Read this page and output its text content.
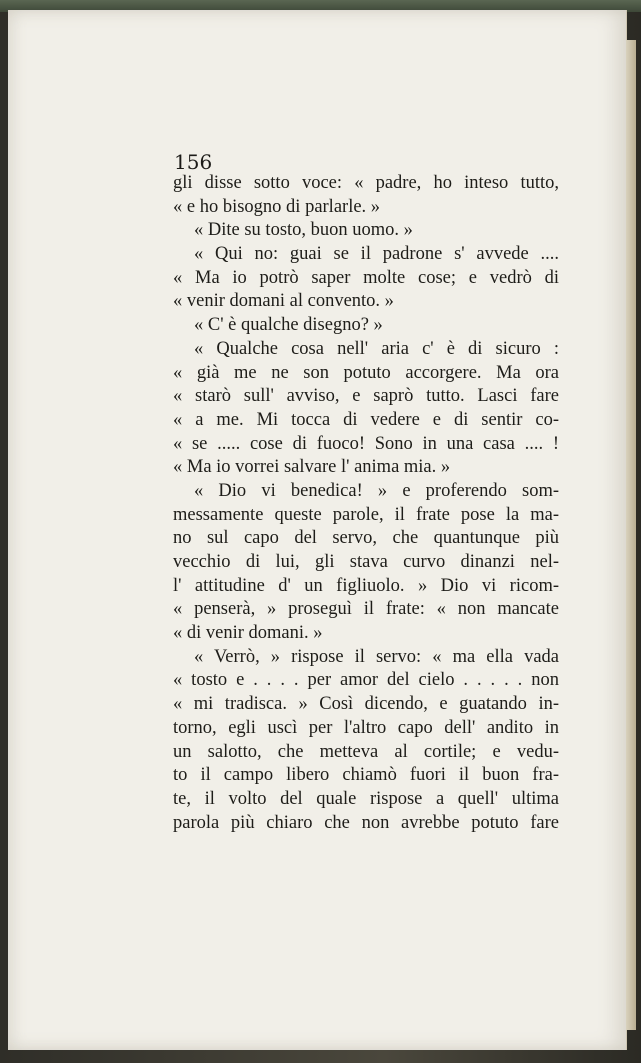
156

gli disse sotto voce: « padre, ho inteso tutto,
« e ho bisogno di parlarle. »
« Dite su tosto, buon uomo. »
« Qui no: guai se il padrone s' avvede ....
« Ma io potrò saper molte cose; e vedrò di
« venir domani al convento. »
« C' è qualche disegno? »
« Qualche cosa nell' aria c' è di sicuro :
« già me ne son potuto accorgere. Ma ora
« starò sull' avviso, e saprò tutto. Lasci fare
« a me. Mi tocca di vedere e di sentir co-
« se ..... cose di fuoco! Sono in una casa .... !
« Ma io vorrei salvare l' anima mia. »
« Dio vi benedica! » e proferendo som-
messamente queste parole, il frate pose la ma-
no sul capo del servo, che quantunque più
vecchio di lui, gli stava curvo dinanzi nel-
l' attitudine d' un figliuolo. » Dio vi ricom-
« penserà, » proseguì il frate: « non mancate
« di venir domani. »
« Verrò, » rispose il servo: « ma ella vada
« tosto e . . . . per amor del cielo . . . . . non
« mi tradisca. » Così dicendo, e guatando in-
torno, egli uscì per l'altro capo dell' andito in
un salotto, che metteva al cortile; e vedu-
to il campo libero chiamò fuori il buon fra-
te, il volto del quale rispose a quell' ultima
parola più chiaro che non avrebbe potuto fare
